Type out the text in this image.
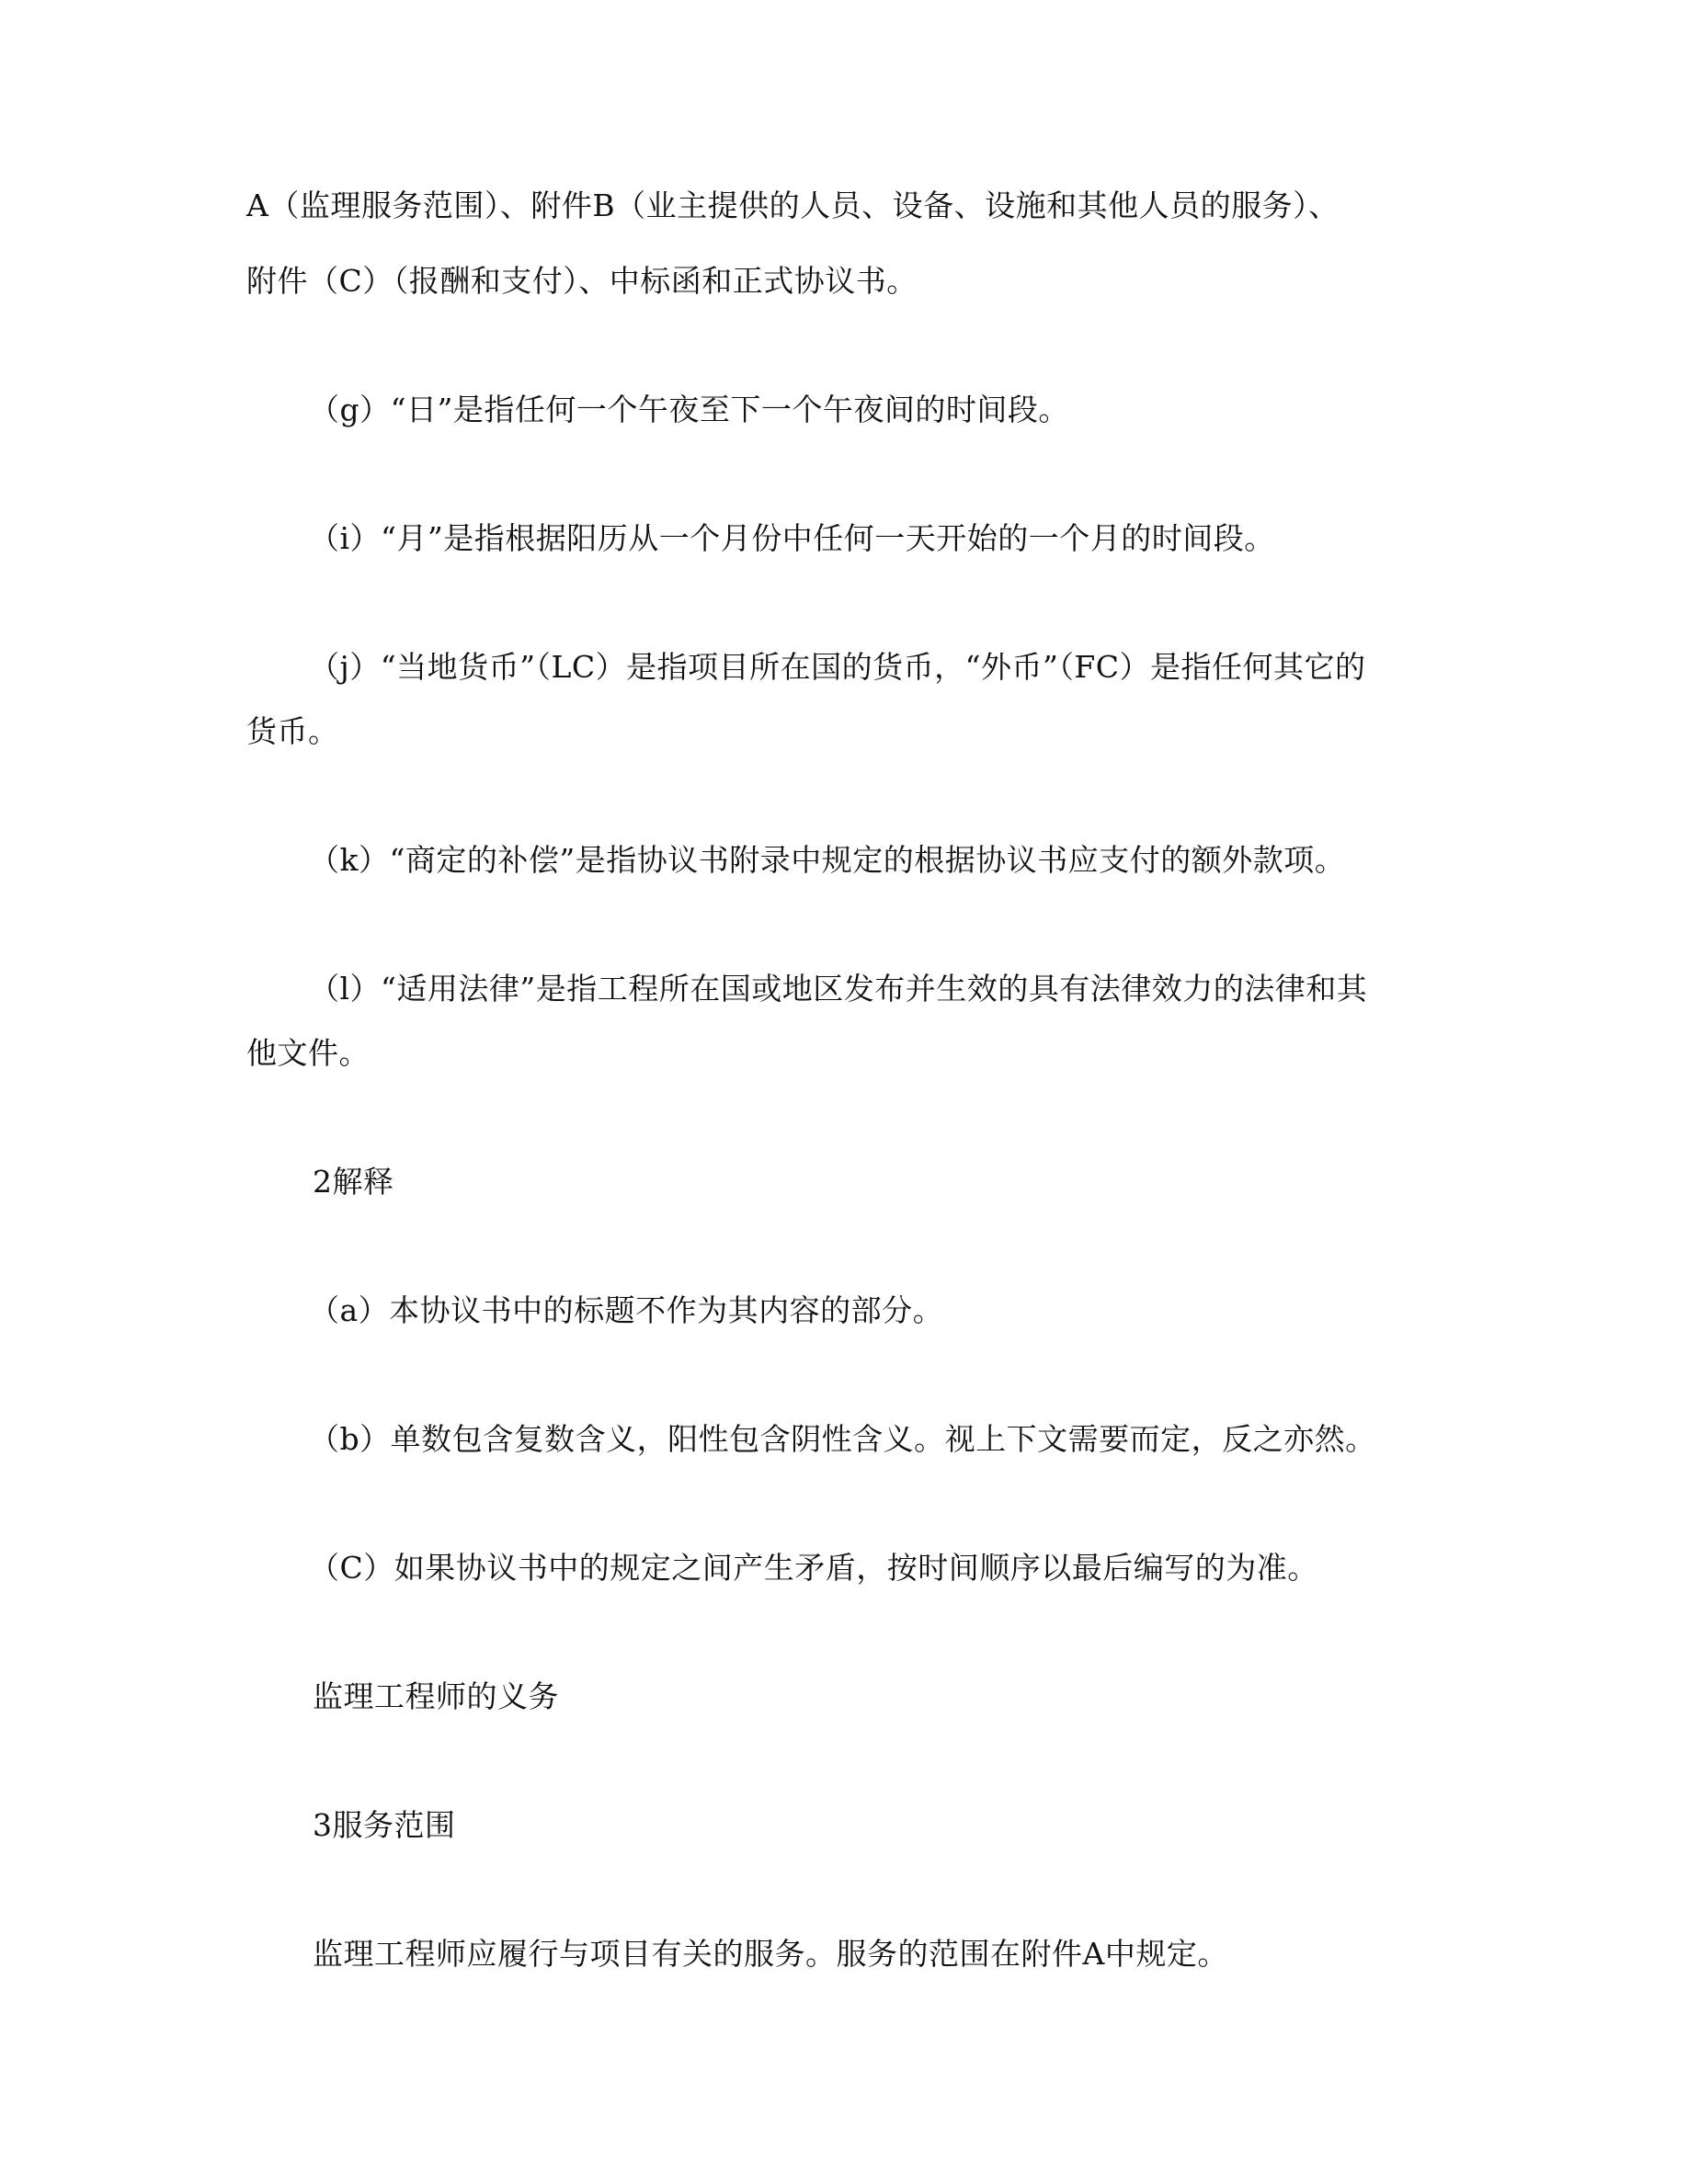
A（监理服务范围）、附件B（业主提供的人员、设备、设施和其他人员的服务）、
附件（C）（报酬和支付）、中标函和正式协议书。
（g）“日”是指任何一个午夜至下一个午夜间的时间段。
（i）“月”是指根据阳历从一个月份中任何一天开始的一个月的时间段。
（j）“当地货币”（LC）是指项目所在国的货币，“外币”（FC）是指任何其它的
货币。
（k）“商定的补偿”是指协议书附录中规定的根据协议书应支付的额外款项。
（l）“适用法律”是指工程所在国或地区发布并生效的具有法律效力的法律和其
他文件。
2解释
（a）本协议书中的标题不作为其内容的部分。
（b）单数包含复数含义，阳性包含阴性含义。视上下文需要而定，反之亦然。
（C）如果协议书中的规定之间产生矛盾，按时间顺序以最后编写的为准。
监理工程师的义务
3服务范围
监理工程师应履行与项目有关的服务。服务的范围在附件A中规定。
